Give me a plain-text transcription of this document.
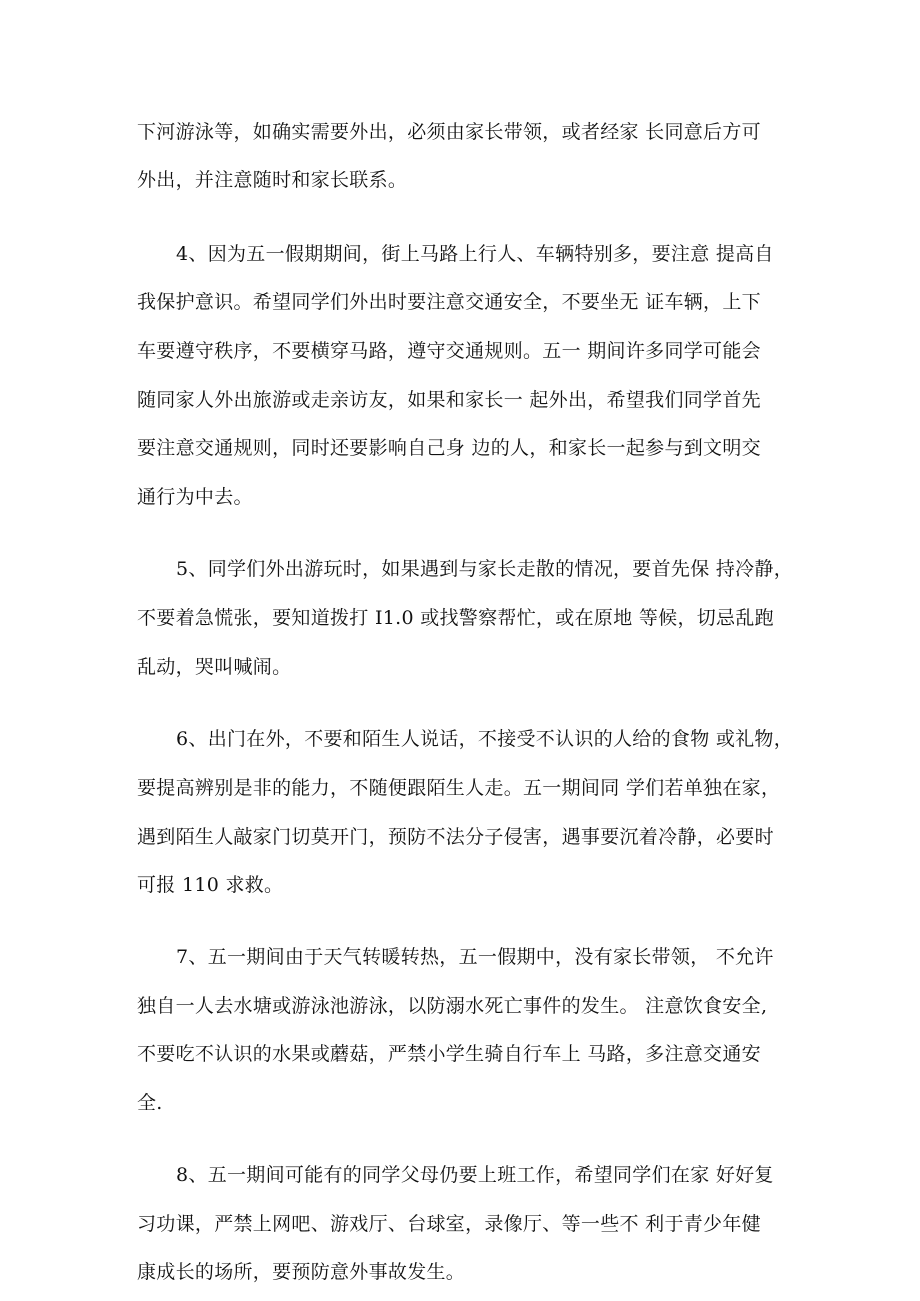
下河游泳等，如确实需要外出，必须由家长带领，或者经家 长同意后方可
外出，并注意随时和家长联系。
4、因为五一假期期间，街上马路上行人、车辆特别多，要注意 提高自
我保护意识。希望同学们外出时要注意交通安全，不要坐无 证车辆，上下
车要遵守秩序，不要横穿马路，遵守交通规则。五一 期间许多同学可能会
随同家人外出旅游或走亲访友，如果和家长一 起外出，希望我们同学首先
要注意交通规则，同时还要影响自己身 边的人，和家长一起参与到文明交
通行为中去。
5、同学们外出游玩时，如果遇到与家长走散的情况，要首先保 持冷静，
不要着急慌张，要知道拨打 I1.0 或找警察帮忙，或在原地 等候，切忌乱跑
乱动，哭叫喊闹。
6、出门在外，不要和陌生人说话，不接受不认识的人给的食物 或礼物，
要提高辨别是非的能力，不随便跟陌生人走。五一期间同 学们若单独在家，
遇到陌生人敲家门切莫开门，预防不法分子侵害，遇事要沉着冷静，必要时
可报 110 求救。
7、五一期间由于天气转暖转热，五一假期中，没有家长带领， 不允许
独自一人去水塘或游泳池游泳，以防溺水死亡事件的发生。 注意饮食安全,
不要吃不认识的水果或蘑菇，严禁小学生骑自行车上 马路，多注意交通安
全.
8、五一期间可能有的同学父母仍要上班工作，希望同学们在家 好好复
习功课，严禁上网吧、游戏厅、台球室，录像厅、等一些不 利于青少年健
康成长的场所，要预防意外事故发生。
